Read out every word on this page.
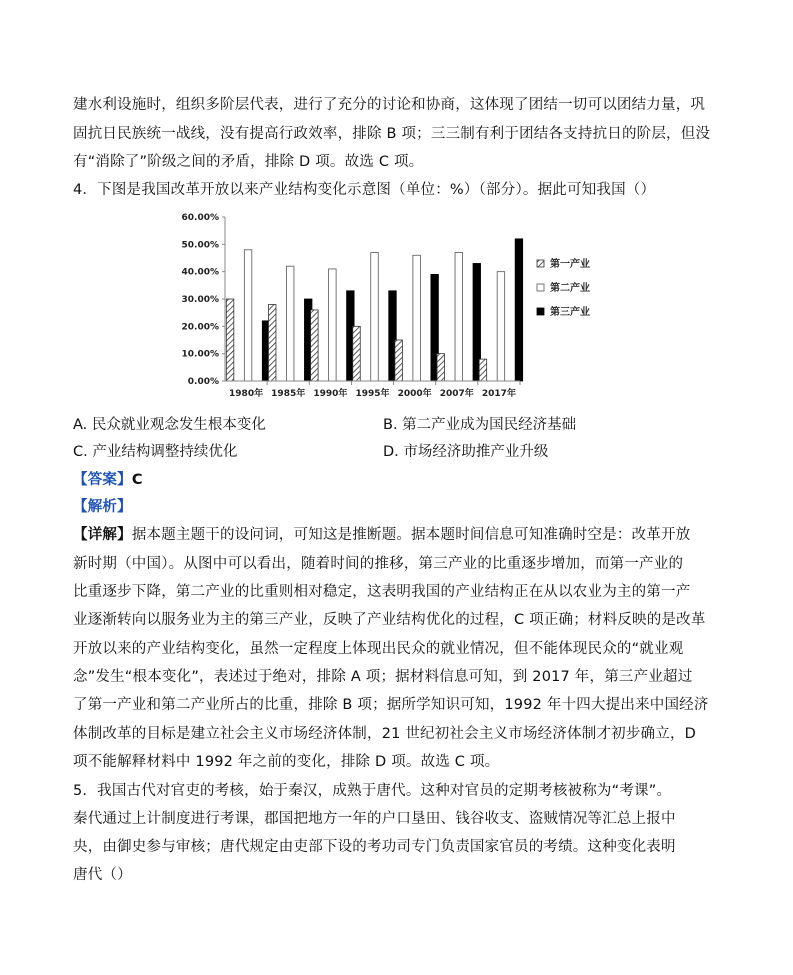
建水利设施时，组织多阶层代表，进行了充分的讨论和协商，这体现了团结一切可以团结力量，巩
固抗日民族统一战线，没有提高行政效率，排除 B 项；三三制有利于团结各支持抗日的阶层，但没
有“消除了”阶级之间的矛盾，排除 D 项。故选 C 项。
4．下图是我国改革开放以来产业结构变化示意图（单位：%）（部分）。据此可知我国（）
0.00%
10.00%
20.00%
30.00%
40.00%
50.00%
60.00%
1980年 1985年 1990年 1995年 2000年 2007年 2017年
第一产业
第二产业
第三产业
A. 民众就业观念发生根本变化	B. 第二产业成为国民经济基础
C. 产业结构调整持续优化	D. 市场经济助推产业升级
【答案】C
【解析】
【详解】据本题主题干的设问词，可知这是推断题。据本题时间信息可知准确时空是：改革开放
新时期（中国）。从图中可以看出，随着时间的推移，第三产业的比重逐步增加，而第一产业的
比重逐步下降，第二产业的比重则相对稳定，这表明我国的产业结构正在从以农业为主的第一产
业逐渐转向以服务业为主的第三产业，反映了产业结构优化的过程，C 项正确；材料反映的是改革
开放以来的产业结构变化，虽然一定程度上体现出民众的就业情况，但不能体现民众的“就业观
念”发生“根本变化”，表述过于绝对，排除 A 项；据材料信息可知，到 2017 年，第三产业超过
了第一产业和第二产业所占的比重，排除 B 项；据所学知识可知，1992 年十四大提出来中国经济
体制改革的目标是建立社会主义市场经济体制，21 世纪初社会主义市场经济体制才初步确立，D
项不能解释材料中 1992 年之前的变化，排除 D 项。故选 C 项。
5．我国古代对官吏的考核，始于秦汉，成熟于唐代。这种对官员的定期考核被称为“考课”。
秦代通过上计制度进行考课，郡国把地方一年的户口垦田、钱谷收支、盗贼情况等汇总上报中
央，由御史参与审核；唐代规定由吏部下设的考功司专门负责国家官员的考绩。这种变化表明
唐代（）
